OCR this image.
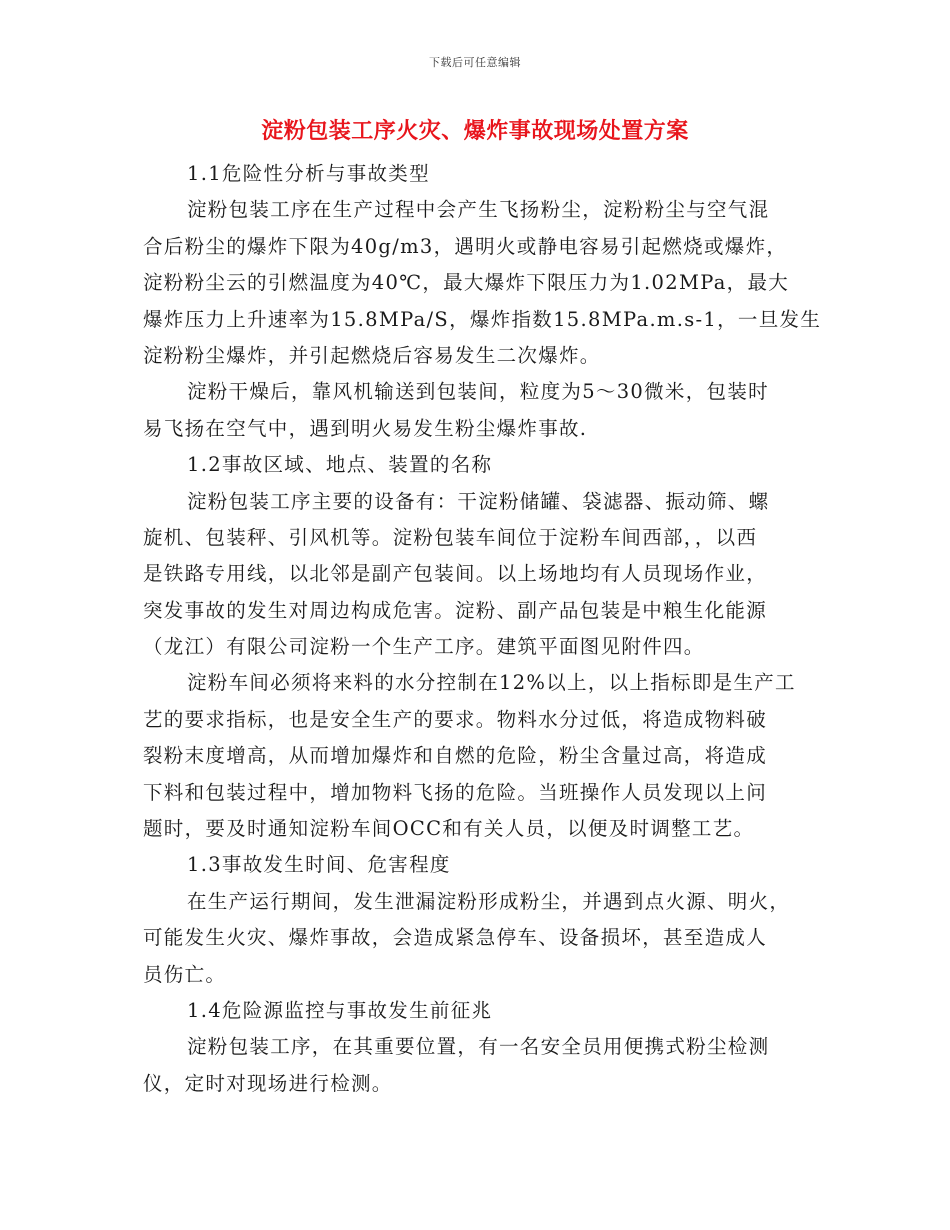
下载后可任意编辑
淀粉包装工序火灾、爆炸事故现场处置方案
1.1危险性分析与事故类型
淀粉包装工序在生产过程中会产生飞扬粉尘，淀粉粉尘与空气混
合后粉尘的爆炸下限为40g/m3，遇明火或静电容易引起燃烧或爆炸，
淀粉粉尘云的引燃温度为40℃，最大爆炸下限压力为1.02MPa，最大
爆炸压力上升速率为15.8MPa/S，爆炸指数15.8MPa.m.s-1，一旦发生
淀粉粉尘爆炸，并引起燃烧后容易发生二次爆炸。
淀粉干燥后，靠风机输送到包装间，粒度为5～30微米，包装时
易飞扬在空气中，遇到明火易发生粉尘爆炸事故.
1.2事故区域、地点、装置的名称
淀粉包装工序主要的设备有：干淀粉储罐、袋滤器、振动筛、螺
旋机、包装秤、引风机等。淀粉包装车间位于淀粉车间西部，，以西
是铁路专用线，以北邻是副产包装间。以上场地均有人员现场作业，
突发事故的发生对周边构成危害。淀粉、副产品包装是中粮生化能源
（龙江）有限公司淀粉一个生产工序。建筑平面图见附件四。
淀粉车间必须将来料的水分控制在12%以上，以上指标即是生产工
艺的要求指标，也是安全生产的要求。物料水分过低，将造成物料破
裂粉末度增高，从而增加爆炸和自燃的危险，粉尘含量过高，将造成
下料和包装过程中，增加物料飞扬的危险。当班操作人员发现以上问
题时，要及时通知淀粉车间OCC和有关人员，以便及时调整工艺。
1.3事故发生时间、危害程度
在生产运行期间，发生泄漏淀粉形成粉尘，并遇到点火源、明火，
可能发生火灾、爆炸事故，会造成紧急停车、设备损坏，甚至造成人
员伤亡。
1.4危险源监控与事故发生前征兆
淀粉包装工序，在其重要位置，有一名安全员用便携式粉尘检测
仪，定时对现场进行检测。
